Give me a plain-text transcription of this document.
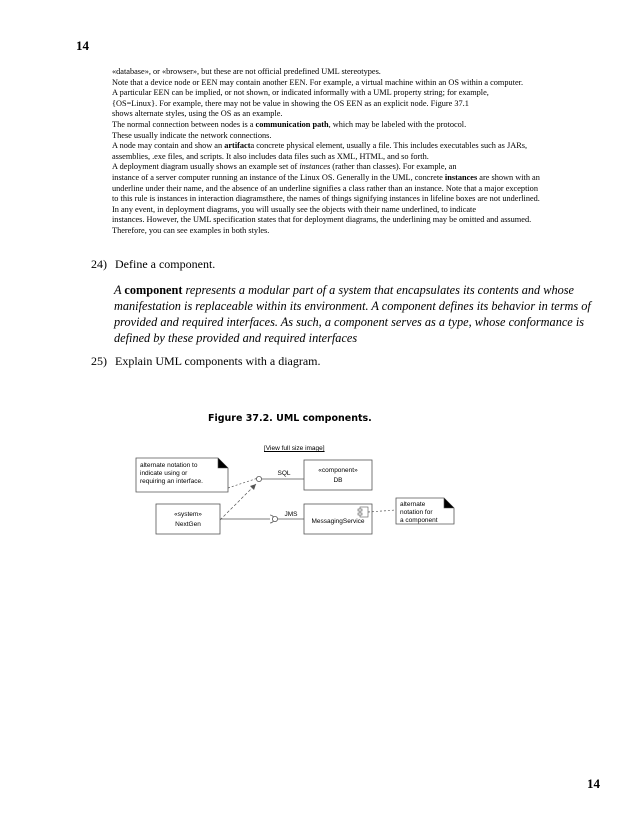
14
«database», or «browser», but these are not official predefined UML stereotypes.
Note that a device node or EEN may contain another EEN. For example, a virtual machine within an OS within a computer.
A particular EEN can be implied, or not shown, or indicated informally with a UML property string; for example,
{OS=Linux}. For example, there may not be value in showing the OS EEN as an explicit node. Figure 37.1
shows alternate styles, using the OS as an example.
The normal connection between nodes is a communication path, which may be labeled with the protocol.
These usually indicate the network connections.
A node may contain and show an artifacta concrete physical element, usually a file. This includes executables such as JARs,
assemblies, .exe files, and scripts. It also includes data files such as XML, HTML, and so forth.
A deployment diagram usually shows an example set of instances (rather than classes). For example, an
instance of a server computer running an instance of the Linux OS. Generally in the UML, concrete instances are shown with an
underline under their name, and the absence of an underline signifies a class rather than an instance. Note that a major exception
to this rule is instances in interaction diagramsthere, the names of things signifying instances in lifeline boxes are not underlined.
In any event, in deployment diagrams, you will usually see the objects with their name underlined, to indicate
instances. However, the UML specification states that for deployment diagrams, the underlining may be omitted and assumed.
Therefore, you can see examples in both styles.
24) Define a component.
A component represents a modular part of a system that encapsulates its contents and whose manifestation is replaceable within its environment. A component defines its behavior in terms of provided and required interfaces. As such, a component serves as a type, whose conformance is defined by these provided and required interfaces
25) Explain UML components with a diagram.
Figure 37.2. UML components.
[View full size image]
alternate notation to
indicate using or
requiring an interface.
«component»
DB
SQL
«system»
NextGen
JMS
MessagingService
alternate
notation for
a component
14
